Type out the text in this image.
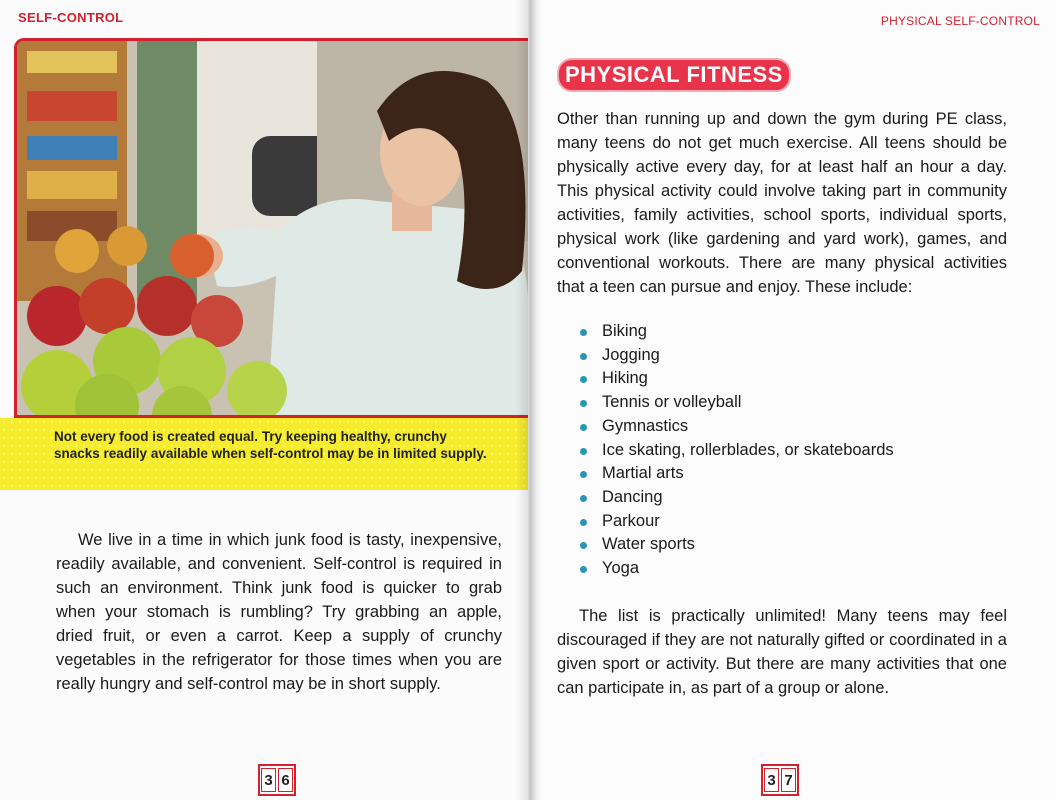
SELF-CONTROL
Not every food is created equal. Try keeping healthy, crunchy snacks readily available when self-control may be in limited supply.

We live in a time in which junk food is tasty, inexpensive, readily available, and convenient. Self-control is required in such an environment. Think junk food is quicker to grab when your stomach is rumbling? Try grabbing an apple, dried fruit, or even a carrot. Keep a supply of crunchy vegetables in the refrigerator for those times when you are really hungry and self-control may be in short supply.

3 6
PHYSICAL SELF-CONTROL
PHYSICAL FITNESS

Other than running up and down the gym during PE class, many teens do not get much exercise. All teens should be physically active every day, for at least half an hour a day. This physical activity could involve taking part in community activities, family activities, school sports, individual sports, physical work (like gardening and yard work), games, and conventional workouts. There are many physical activities that a teen can pursue and enjoy. These include:

Biking
Jogging
Hiking
Tennis or volleyball
Gymnastics
Ice skating, rollerblades, or skateboards
Martial arts
Dancing
Parkour
Water sports
Yoga

The list is practically unlimited! Many teens may feel discouraged if they are not naturally gifted or coordinated in a given sport or activity. But there are many activities that one can participate in, as part of a group or alone.

3 7
